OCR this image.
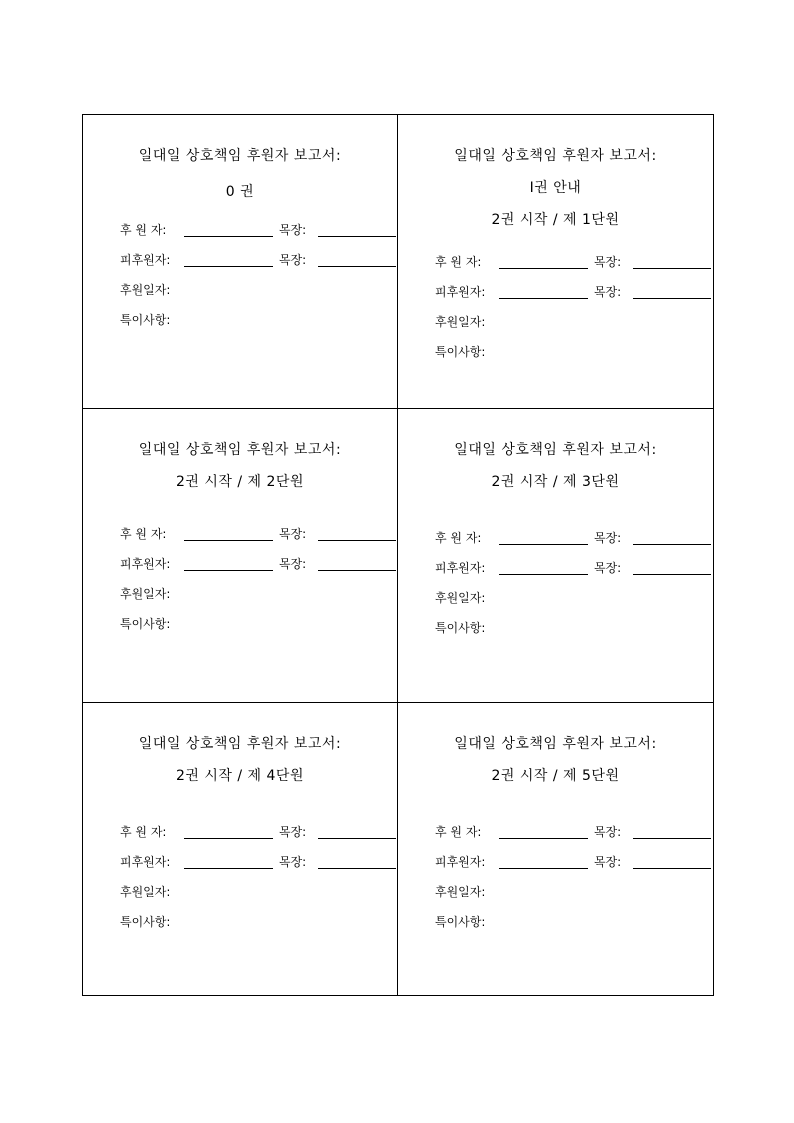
일대일 상호책임 후원자 보고서:
0 권
후 원 자:	목장:
피후원자:	목장:
후원일자:
특이사항:
일대일 상호책임 후원자 보고서:
I권 안내
2권 시작 / 제 1단원
후 원 자:	목장:
피후원자:	목장:
후원일자:
특이사항:
일대일 상호책임 후원자 보고서:
2권 시작 / 제 2단원
후 원 자:	목장:
피후원자:	목장:
후원일자:
특이사항:
일대일 상호책임 후원자 보고서:
2권 시작 / 제 3단원
후 원 자:	목장:
피후원자:	목장:
후원일자:
특이사항:
일대일 상호책임 후원자 보고서:
2권 시작 / 제 4단원
후 원 자:	목장:
피후원자:	목장:
후원일자:
특이사항:
일대일 상호책임 후원자 보고서:
2권 시작 / 제 5단원
후 원 자:	목장:
피후원자:	목장:
후원일자:
특이사항:
